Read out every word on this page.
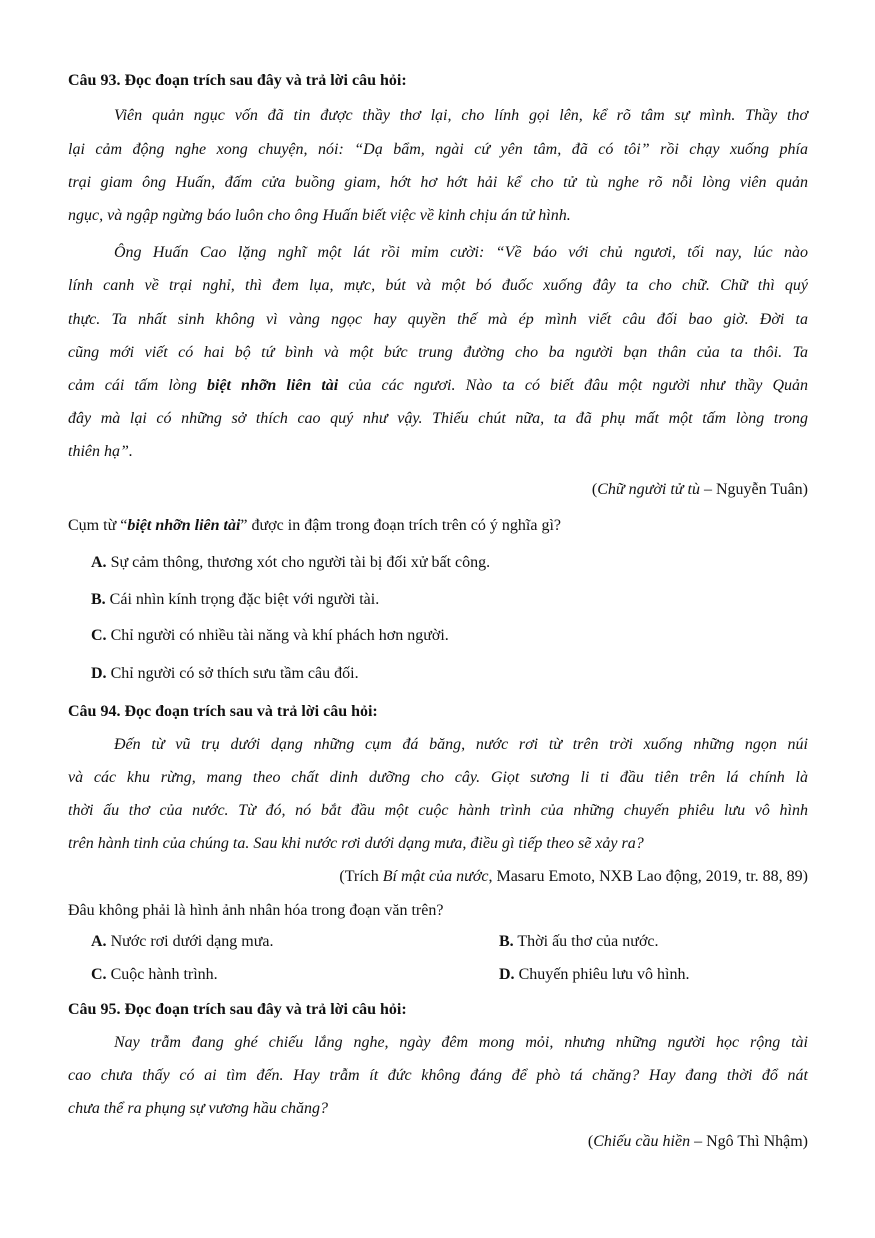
Câu 93. Đọc đoạn trích sau đây và trả lời câu hỏi:
Viên quản ngục vốn đã tin được thầy thơ lại, cho lính gọi lên, kể rõ tâm sự mình. Thầy thơ
lại cảm động nghe xong chuyện, nói: “Dạ bẩm, ngài cứ yên tâm, đã có tôi” rồi chạy xuống phía
trại giam ông Huấn, đấm cửa buồng giam, hớt hơ hớt hải kể cho tử tù nghe rõ nỗi lòng viên quản
ngục, và ngập ngừng báo luôn cho ông Huấn biết việc về kinh chịu án tử hình.
Ông Huấn Cao lặng nghĩ một lát rồi mỉm cười: “Về báo với chủ ngươi, tối nay, lúc nào
lính canh về trại nghỉ, thì đem lụa, mực, bút và một bó đuốc xuống đây ta cho chữ. Chữ thì quý
thực. Ta nhất sinh không vì vàng ngọc hay quyền thế mà ép mình viết câu đối bao giờ. Đời ta
cũng mới viết có hai bộ tứ bình và một bức trung đường cho ba người bạn thân của ta thôi. Ta
cảm cái tấm lòng biệt nhỡn liên tài của các ngươi. Nào ta có biết đâu một người như thầy Quản
đây mà lại có những sở thích cao quý như vậy. Thiếu chút nữa, ta đã phụ mất một tấm lòng trong
thiên hạ”.
(Chữ người tử tù – Nguyễn Tuân)
Cụm từ “biệt nhỡn liên tài” được in đậm trong đoạn trích trên có ý nghĩa gì?
A. Sự cảm thông, thương xót cho người tài bị đối xử bất công.
B. Cái nhìn kính trọng đặc biệt với người tài.
C. Chỉ người có nhiều tài năng và khí phách hơn người.
D. Chỉ người có sở thích sưu tầm câu đối.
Câu 94. Đọc đoạn trích sau và trả lời câu hỏi:
Đến từ vũ trụ dưới dạng những cụm đá băng, nước rơi từ trên trời xuống những ngọn núi
và các khu rừng, mang theo chất dinh dưỡng cho cây. Giọt sương li ti đầu tiên trên lá chính là
thời ấu thơ của nước. Từ đó, nó bắt đầu một cuộc hành trình của những chuyến phiêu lưu vô hình
trên hành tinh của chúng ta. Sau khi nước rơi dưới dạng mưa, điều gì tiếp theo sẽ xảy ra?
(Trích Bí mật của nước, Masaru Emoto, NXB Lao động, 2019, tr. 88, 89)
Đâu không phải là hình ảnh nhân hóa trong đoạn văn trên?
A. Nước rơi dưới dạng mưa.	B. Thời ấu thơ của nước.
C. Cuộc hành trình.	D. Chuyến phiêu lưu vô hình.
Câu 95. Đọc đoạn trích sau đây và trả lời câu hỏi:
Nay trẫm đang ghé chiếu lắng nghe, ngày đêm mong mỏi, nhưng những người học rộng tài
cao chưa thấy có ai tìm đến. Hay trẫm ít đức không đáng để phò tá chăng? Hay đang thời đổ nát
chưa thể ra phụng sự vương hầu chăng?
(Chiếu cầu hiền – Ngô Thì Nhậm)
